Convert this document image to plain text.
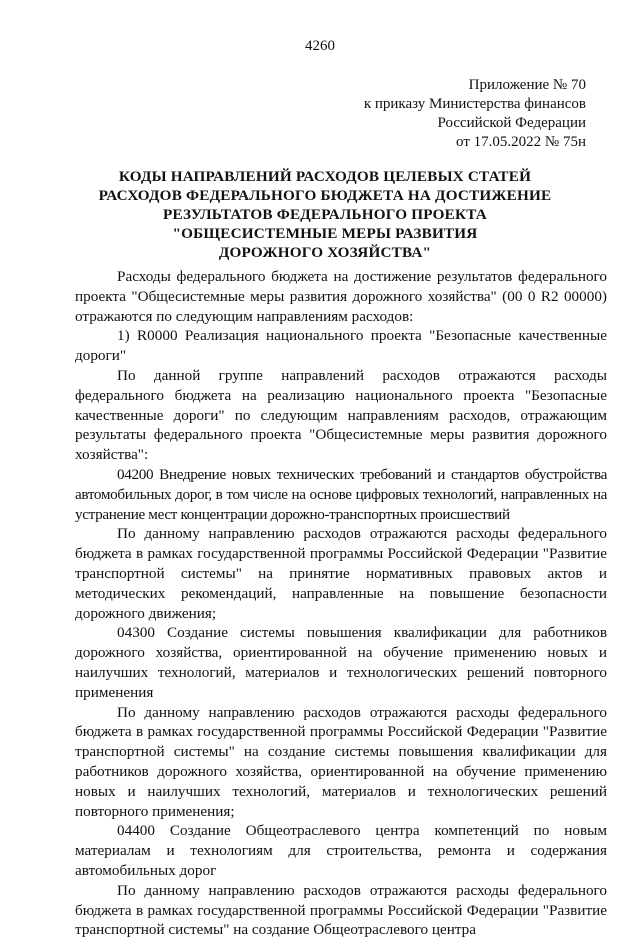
4260
Приложение № 70
к приказу Министерства финансов
Российской Федерации
от 17.05.2022 № 75н
КОДЫ НАПРАВЛЕНИЙ РАСХОДОВ ЦЕЛЕВЫХ СТАТЕЙ
РАСХОДОВ ФЕДЕРАЛЬНОГО БЮДЖЕТА НА ДОСТИЖЕНИЕ
РЕЗУЛЬТАТОВ ФЕДЕРАЛЬНОГО ПРОЕКТА
"ОБЩЕСИСТЕМНЫЕ МЕРЫ РАЗВИТИЯ
ДОРОЖНОГО ХОЗЯЙСТВА"

Расходы федерального бюджета на достижение результатов федерального проекта "Общесистемные меры развития дорожного хозяйства" (00 0 R2 00000) отражаются по следующим направлениям расходов:

1) R0000 Реализация национального проекта "Безопасные качественные дороги"

По данной группе направлений расходов отражаются расходы федерального бюджета на реализацию национального проекта "Безопасные качественные дороги" по следующим направлениям расходов, отражающим результаты федерального проекта "Общесистемные меры развития дорожного хозяйства":

04200 Внедрение новых технических требований и стандартов обустройства автомобильных дорог, в том числе на основе цифровых технологий, направленных на устранение мест концентрации дорожно-транспортных происшествий

По данному направлению расходов отражаются расходы федерального бюджета в рамках государственной программы Российской Федерации "Развитие транспортной системы" на принятие нормативных правовых актов и методических рекомендаций, направленные на повышение безопасности дорожного движения;

04300 Создание системы повышения квалификации для работников дорожного хозяйства, ориентированной на обучение применению новых и наилучших технологий, материалов и технологических решений повторного применения

По данному направлению расходов отражаются расходы федерального бюджета в рамках государственной программы Российской Федерации "Развитие транспортной системы" на создание системы повышения квалификации для работников дорожного хозяйства, ориентированной на обучение применению новых и наилучших технологий, материалов и технологических решений повторного применения;

04400 Создание Общеотраслевого центра компетенций по новым материалам и технологиям для строительства, ремонта и содержания автомобильных дорог

По данному направлению расходов отражаются расходы федерального бюджета в рамках государственной программы Российской Федерации "Развитие транспортной системы" на создание Общеотраслевого центра
